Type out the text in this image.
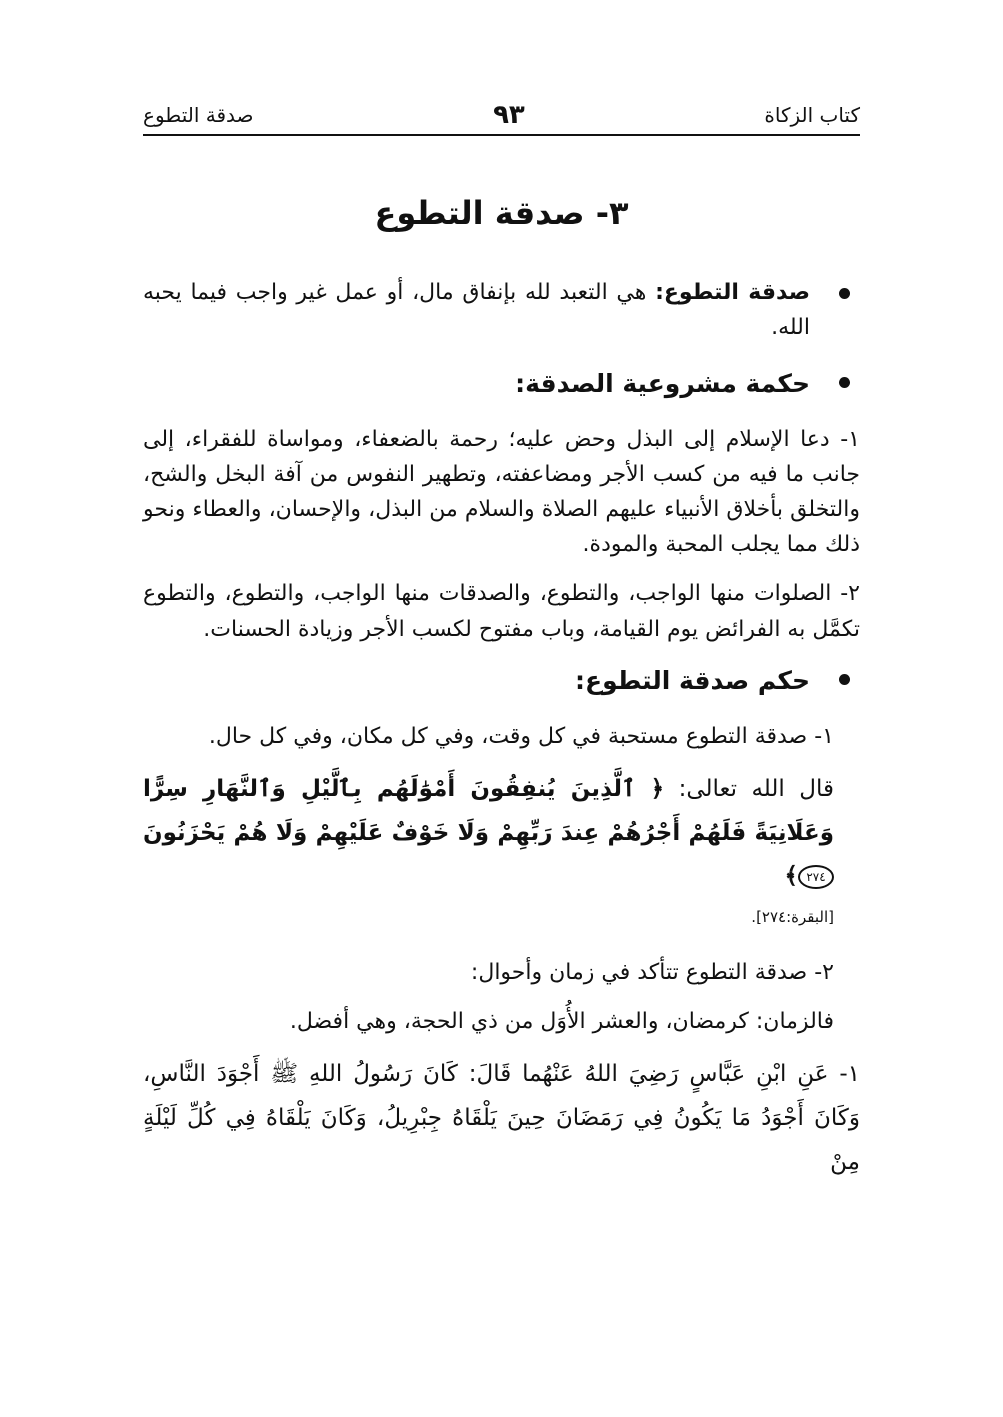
كتاب الزكاة
٩٣
صدقة التطوع
٣- صدقة التطوع
صدقة التطوع: هي التعبد لله بإنفاق مال، أو عمل غير واجب فيما يحبه الله.
حكمة مشروعية الصدقة:

١- دعا الإسلام إلى البذل وحض عليه؛ رحمة بالضعفاء، ومواساة للفقراء، إلى جانب ما فيه من كسب الأجر ومضاعفته، وتطهير النفوس من آفة البخل والشح، والتخلق بأخلاق الأنبياء عليهم الصلاة والسلام من البذل، والإحسان، والعطاء ونحو ذلك مما يجلب المحبة والمودة.

٢- الصلوات منها الواجب، والتطوع، والصدقات منها الواجب، والتطوع، والتطوع تكمَّل به الفرائض يوم القيامة، وباب مفتوح لكسب الأجر وزيادة الحسنات.

حكم صدقة التطوع:

١- صدقة التطوع مستحبة في كل وقت، وفي كل مكان، وفي كل حال.

قال الله تعالى: ﴿ ٱلَّذِينَ يُنفِقُونَ أَمْوَٰلَهُم بِٱلَّيْلِ وَٱلنَّهَارِ سِرًّا وَعَلَانِيَةً فَلَهُمْ أَجْرُهُمْ عِندَ رَبِّهِمْ وَلَا خَوْفٌ عَلَيْهِمْ وَلَا هُمْ يَحْزَنُونَ ٢٧٤﴾

[البقرة:٢٧٤].

٢- صدقة التطوع تتأكد في زمان وأحوال:

فالزمان: كرمضان، والعشر الأُوَل من ذي الحجة، وهي أفضل.

١- عَنِ ابْنِ عَبَّاسٍ رَضِيَ اللهُ عَنْهُما قَالَ: كَانَ رَسُولُ اللهِ ﷺ أَجْوَدَ النَّاسِ، وَكَانَ أَجْوَدُ مَا يَكُونُ فِي رَمَضَانَ حِينَ يَلْقَاهُ جِبْرِيلُ، وَكَانَ يَلْقَاهُ فِي كُلِّ لَيْلَةٍ مِنْ
